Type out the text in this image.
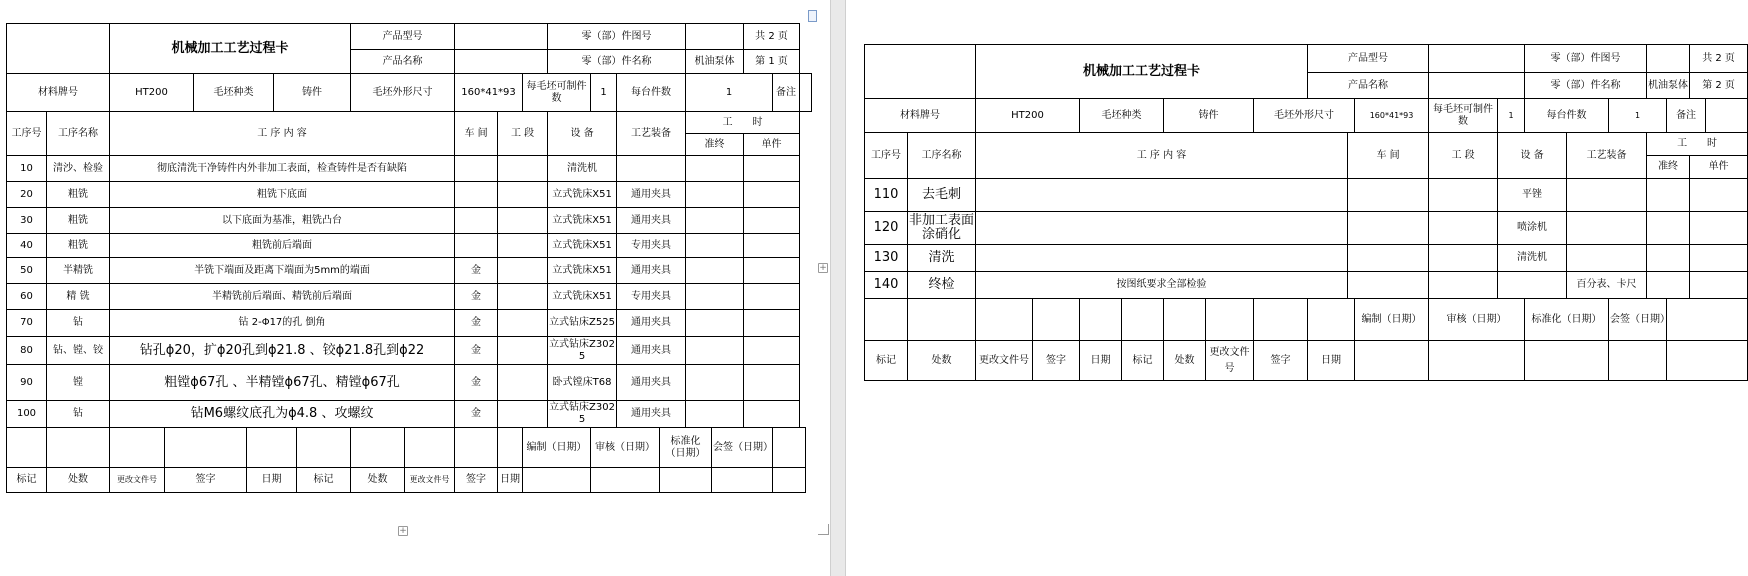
		机械加工工艺过程卡						产品型号					零（部）件图号						共 2 页		
								产品名称					零（部）件名称				机油泵体		第 1 页		
材料牌号		HT200		毛坯种类		铸件		毛坯外形尺寸		160*41*93		每毛坯可制件数		1	每台件数		1			备注	
工序号	工序名称	工 序 内 容								车 间	工 段		设 备		工艺装备		工　　时				
																	准终		单件		
10	清沙、检验	彻底清洗干净铸件内外非加工表面，检查铸件是否有缺陷											清洗机								
20	粗铣	粗铣下底面											立式铣床X51		通用夹具						
30	粗铣	以下底面为基准，粗铣凸台											立式铣床X51		通用夹具						
40	粗铣	粗铣前后端面											立式铣床X51		专用夹具						
50	半精铣	半铣下端面及距离下端面为5mm的端面								金			立式铣床X51		通用夹具						
60	精 铣	半精铣前后端面、精铣前后端面								金			立式铣床X51		专用夹具						
70	钻	钻 2-Φ17的孔 倒角								金			立式钻床Z525		通用夹具						
80	钻、镗、铰	钻孔ϕ20，扩ϕ20孔到ϕ21.8 、铰ϕ21.8孔到ϕ22								金			立式钻床Z3025		通用夹具						
90	镗	粗镗ϕ67孔 、半精镗ϕ67孔、精镗ϕ67孔								金			卧式镗床T68		通用夹具						
100	钻	钻M6螺纹底孔为ϕ4.8 、攻螺纹								金			立式钻床Z3025		通用夹具						
												编制（日期）		审核（日期）		标准化（日期）		会签（日期）			
标记	处数	更改文件号	签字		日期		标记	处数	更改文件号	签字	日期										
+
+
		机械加工工艺过程卡							产品型号					零（部）件图号					共 2 页	
									产品名称					零（部）件名称			机油泵体		第 2 页	
材料牌号		HT200		毛坯种类		铸件		毛坯外形尺寸			160*41*93	每毛坯可制件数	1	每台件数		1		备注		
工序号	工序名称	工 序 内 容								车 间		工 段	设 备		工艺装备		工　　时			
																	准终		单件	
110	去毛刺												平锉							
120	非加工表面涂硝化												喷涂机							
130	清洗												清洗机							
140	终检	按图纸要求全部检验													百分表、卡尺					
											编制（日期）	审核（日期）		标准化（日期）		会签（日期）				
标记	处数	更改文件号	签字	日期	标记	处数	更改文件号	签字	日期											
